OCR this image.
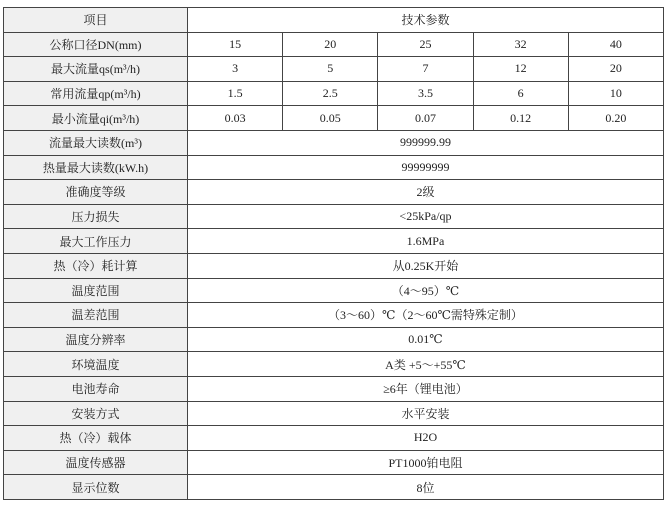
项目	技术参数				
公称口径DN(mm)	15	20	25	32	40
最大流量qs(m³/h)	3	5	7	12	20
常用流量qp(m³/h)	1.5	2.5	3.5	6	10
最小流量qi(m³/h)	0.03	0.05	0.07	0.12	0.20
流量最大读数(m³)	999999.99				
热量最大读数(kW.h)	99999999				
准确度等级	2级				
压力损失	<25kPa/qp				
最大工作压力	1.6MPa				
热（冷）耗计算	从0.25K开始				
温度范围	（4～95）℃				
温差范围	（3～60）℃（2～60℃需特殊定制）				
温度分辨率	0.01℃				
环境温度	A类 +5～+55℃				
电池寿命	≥6年（锂电池）				
安装方式	水平安装				
热（冷）载体	H2O				
温度传感器	PT1000铂电阻				
显示位数	8位				
